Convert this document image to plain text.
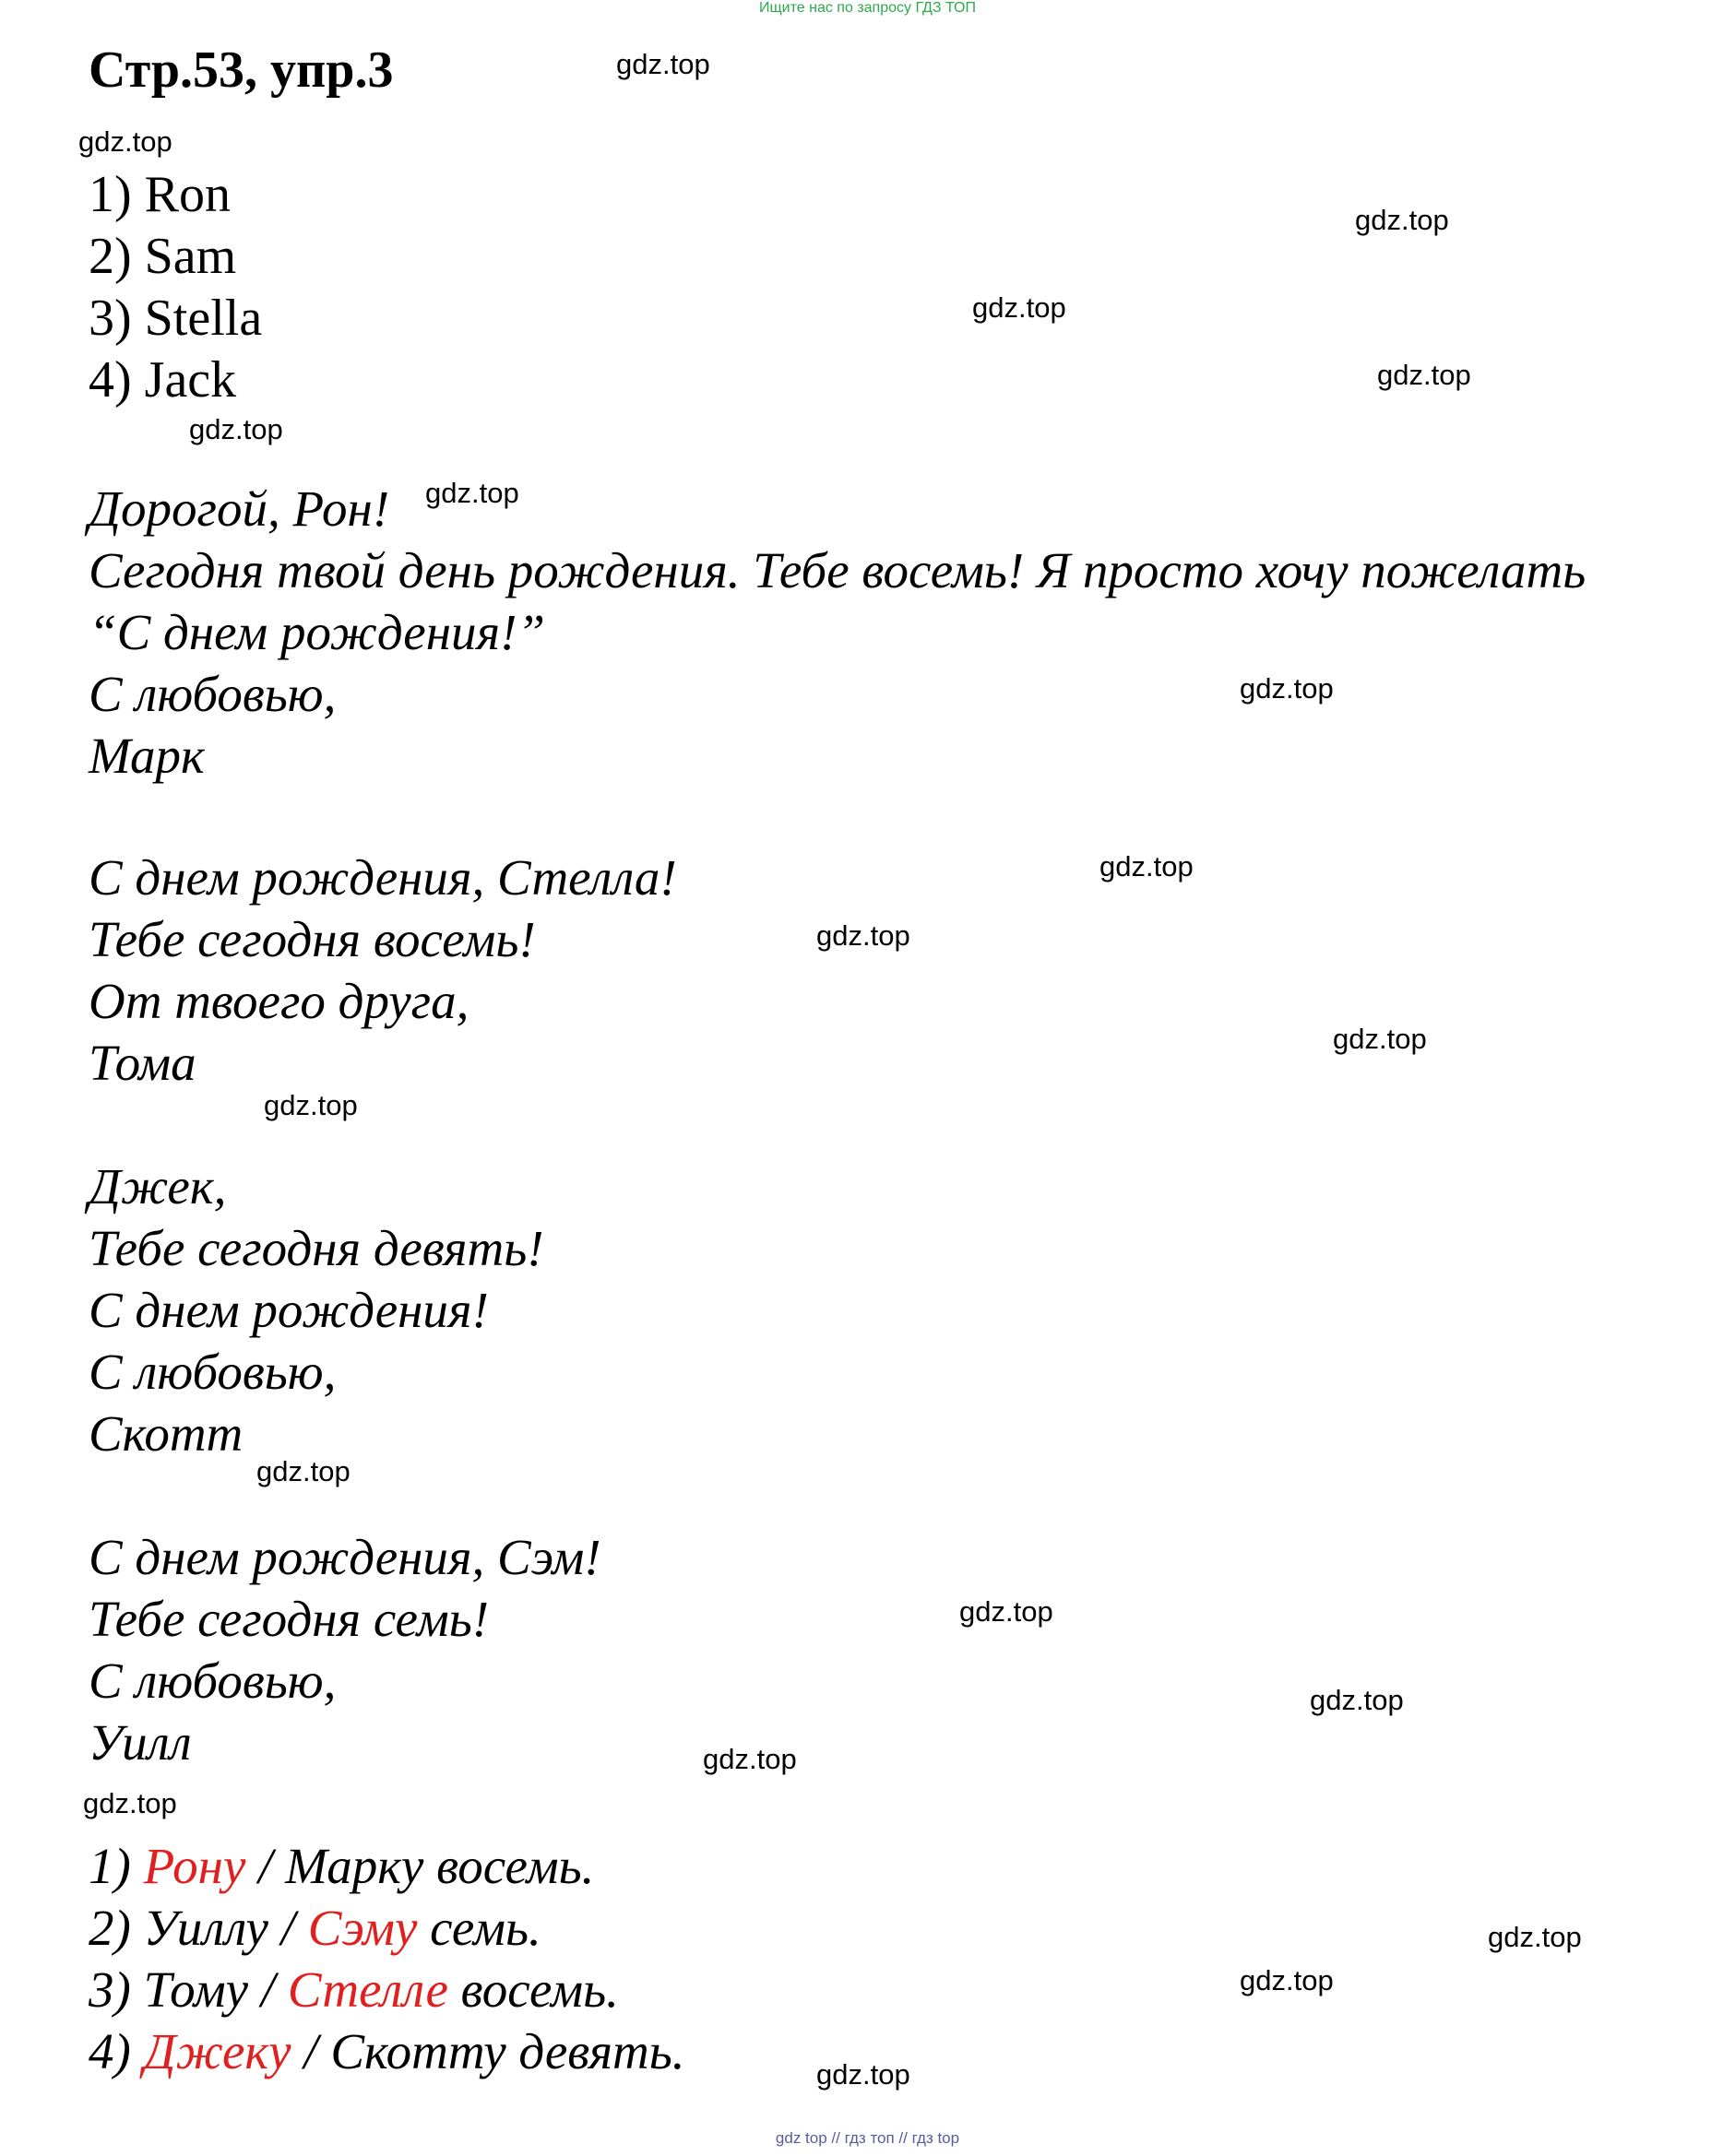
Ищите нас по запросу ГДЗ ТОП
Стр.53, упр.3	gdz.top
gdz.top
gdz.top
gdz.top
gdz.top
gdz.top
gdz.top
gdz.top
gdz.top
gdz.top
gdz.top
gdz.top
gdz.top
gdz.top
gdz.top
gdz.top
gdz.top
gdz.top
gdz.top
gdz.top
1) Ron
2) Sam
3) Stella
4) Jack
Дорогой, Рон!
Сегодня твой день рождения. Тебе восемь! Я просто хочу пожелать
“С днем рождения!”
С любовью,
Марк
С днем рождения, Стелла!
Тебе сегодня восемь!
От твоего друга,
Тома
Джек,
Тебе сегодня девять!
С днем рождения!
С любовью,
Скотт
С днем рождения, Сэм!
Тебе сегодня семь!
С любовью,
Уилл
1) Рону / Марку восемь.
2) Уиллу / Сэму семь.
3) Тому / Стелле восемь.
4) Джеку / Скотту девять.
gdz top // гдз топ // гдз top
